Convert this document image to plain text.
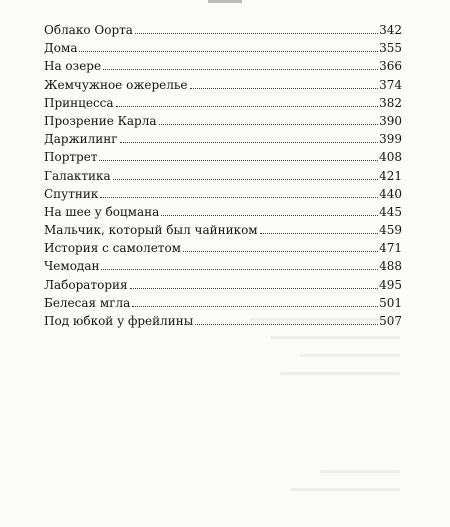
Облако Оорта	342
Дома	355
На озере	366
Жемчужное ожерелье	374
Принцесса	382
Прозрение Карла	390
Даржилинг	399
Портрет	408
Галактика	421
Спутник	440
На шее у боцмана	445
Мальчик, который был чайником	459
История с самолетом	471
Чемодан	488
Лаборатория	495
Белесая мгла	501
Под юбкой у фрейлины	507
